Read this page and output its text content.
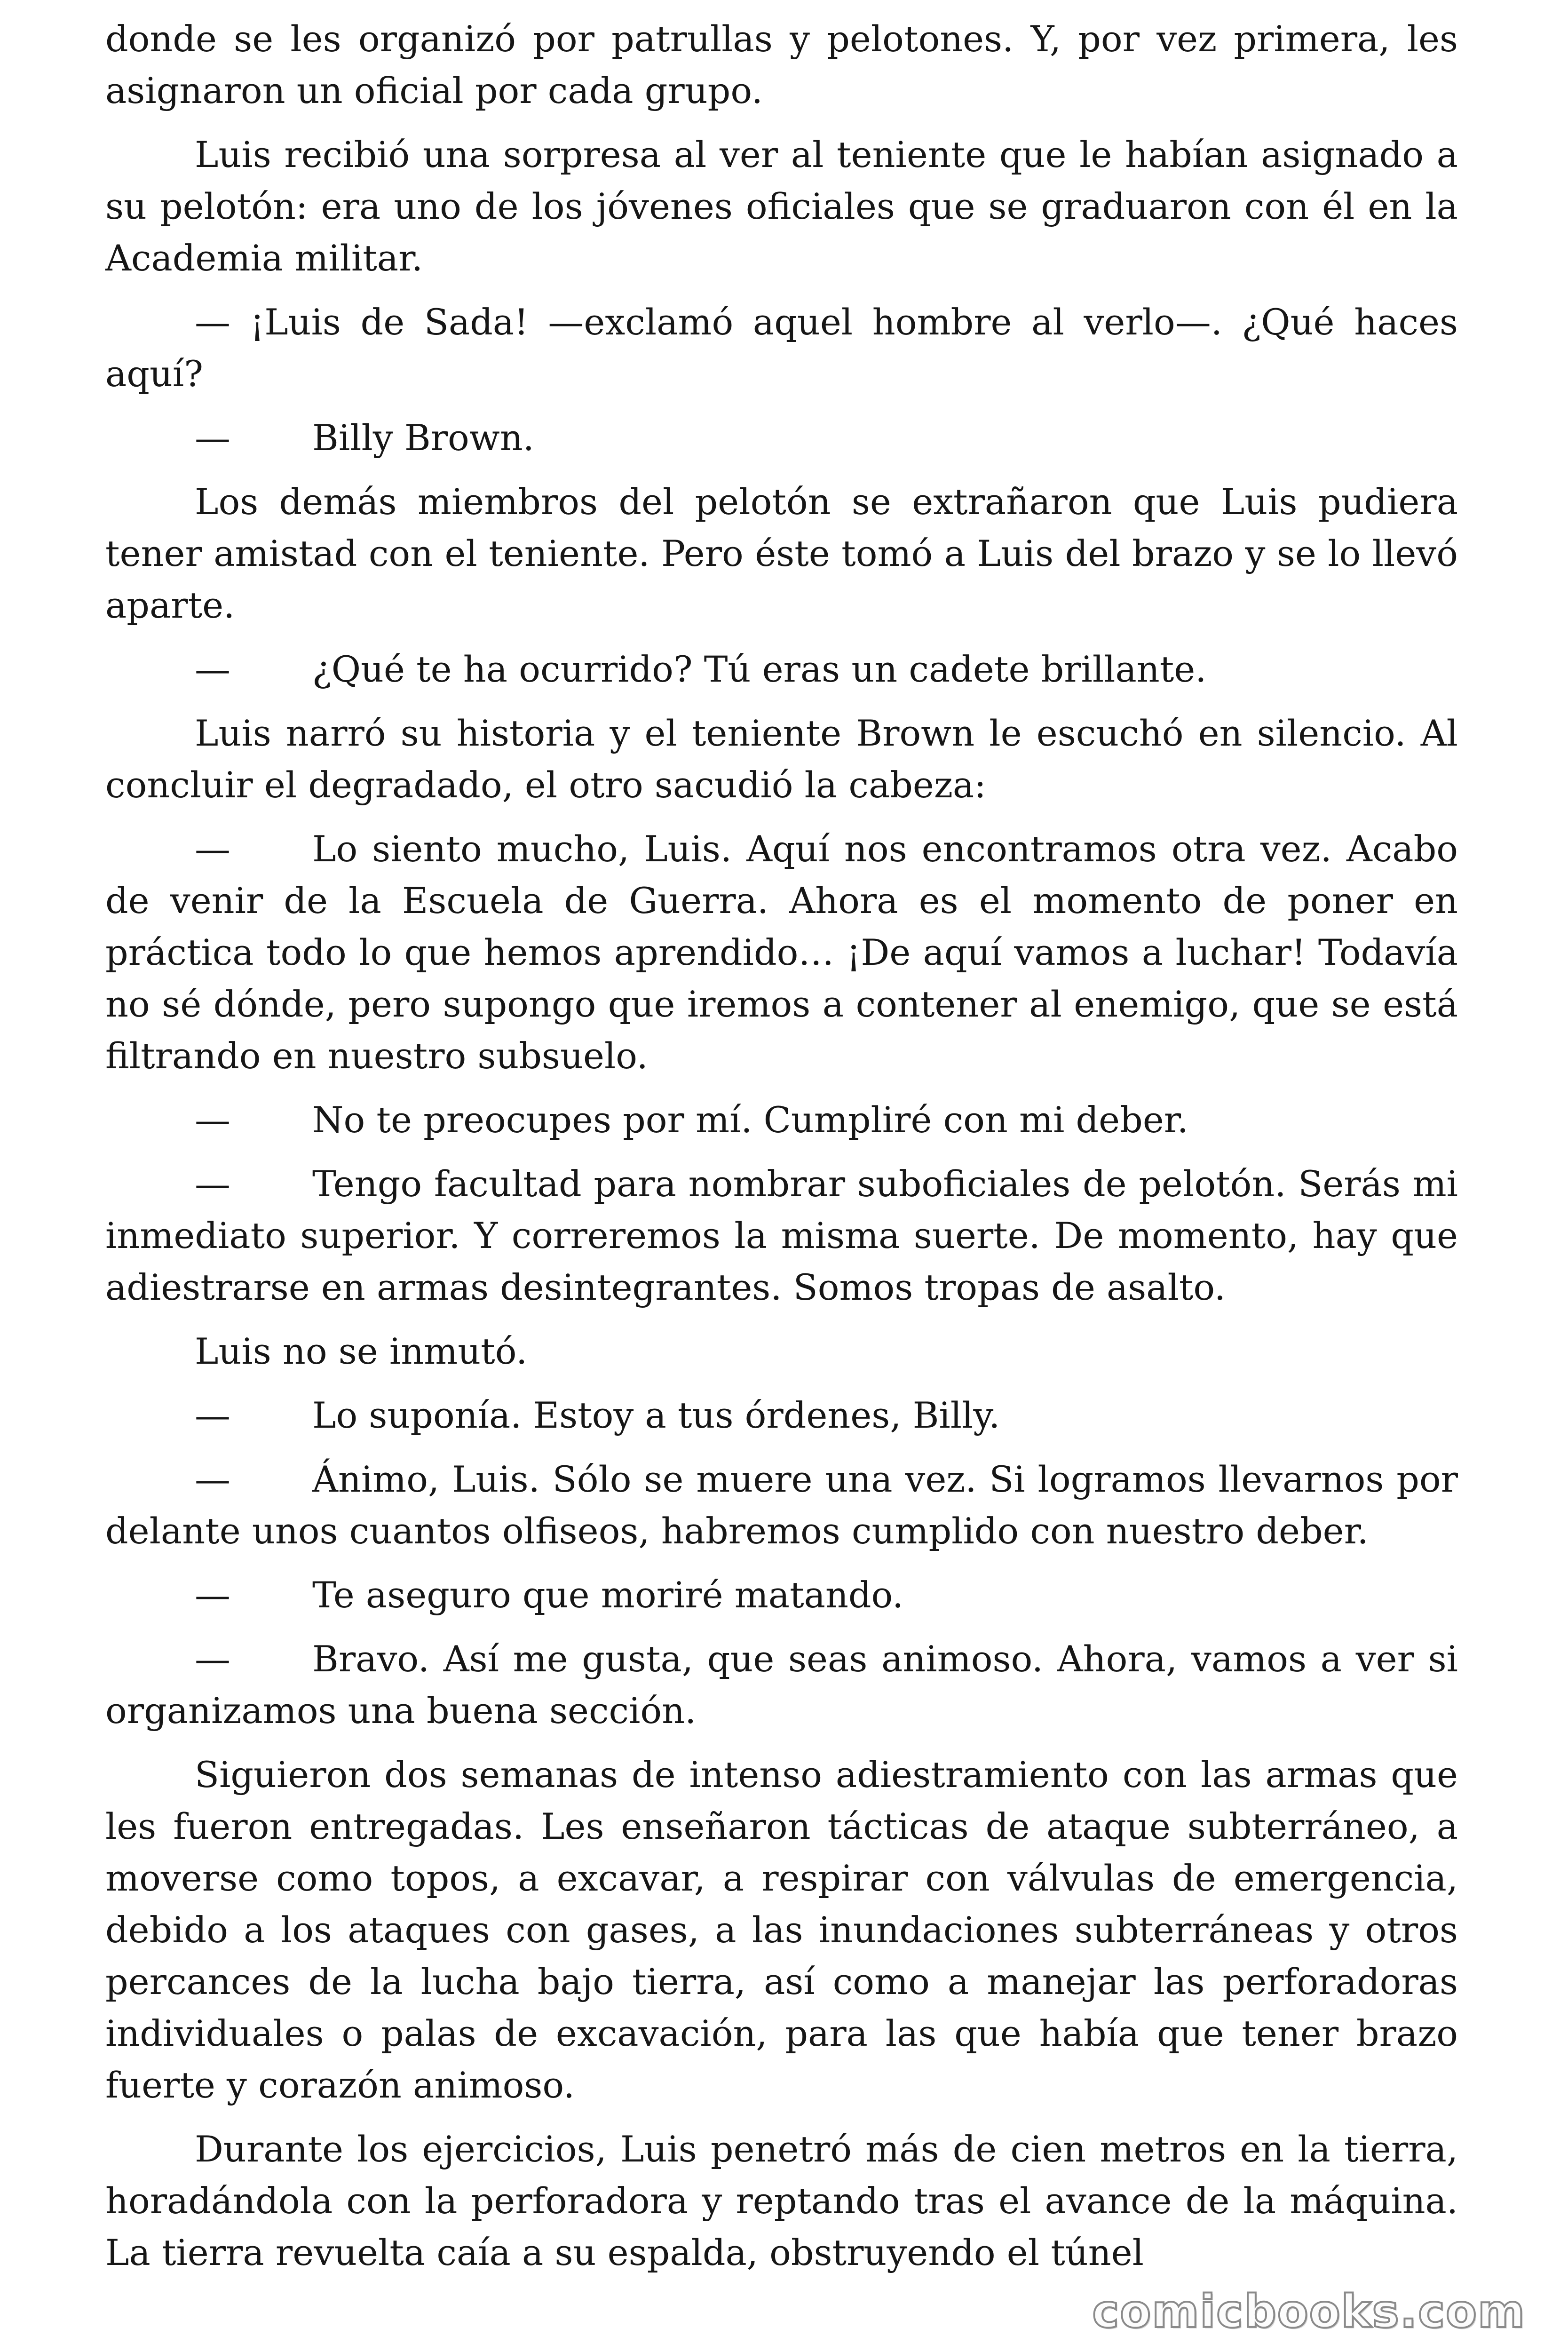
donde se les organizó por patrullas y pelotones. Y, por vez primera, les asignaron un oficial por cada grupo.

Luis recibió una sorpresa al ver al teniente que le habían asignado a su pelotón: era uno de los jóvenes oficiales que se graduaron con él en la Academia militar.

— ¡Luis de Sada! —exclamó aquel hombre al verlo—. ¿Qué haces aquí?

— Billy Brown.

Los demás miembros del pelotón se extrañaron que Luis pudiera tener amistad con el teniente. Pero éste tomó a Luis del brazo y se lo llevó aparte.

— ¿Qué te ha ocurrido? Tú eras un cadete brillante.

Luis narró su historia y el teniente Brown le escuchó en silencio. Al concluir el degradado, el otro sacudió la cabeza:

— Lo siento mucho, Luis. Aquí nos encontramos otra vez. Acabo de venir de la Escuela de Guerra. Ahora es el momento de poner en práctica todo lo que hemos aprendido… ¡De aquí vamos a luchar! Todavía no sé dónde, pero supongo que iremos a contener al enemigo, que se está filtrando en nuestro subsuelo.

— No te preocupes por mí. Cumpliré con mi deber.

— Tengo facultad para nombrar suboficiales de pelotón. Serás mi inmediato superior. Y correremos la misma suerte. De momento, hay que adiestrarse en armas desintegrantes. Somos tropas de asalto.

Luis no se inmutó.

— Lo suponía. Estoy a tus órdenes, Billy.

— Ánimo, Luis. Sólo se muere una vez. Si logramos llevarnos por delante unos cuantos olfiseos, habremos cumplido con nuestro deber.

— Te aseguro que moriré matando.

— Bravo. Así me gusta, que seas animoso. Ahora, vamos a ver si organizamos una buena sección.

Siguieron dos semanas de intenso adiestramiento con las armas que les fueron entregadas. Les enseñaron tácticas de ataque subterráneo, a moverse como topos, a excavar, a respirar con válvulas de emergencia, debido a los ataques con gases, a las inundaciones subterráneas y otros percances de la lucha bajo tierra, así como a manejar las perforadoras individuales o palas de excavación, para las que había que tener brazo fuerte y corazón animoso.

Durante los ejercicios, Luis penetró más de cien metros en la tierra, horadándola con la perforadora y reptando tras el avance de la máquina. La tierra revuelta caía a su espalda, obstruyendo el túnel

comicbooks.com
